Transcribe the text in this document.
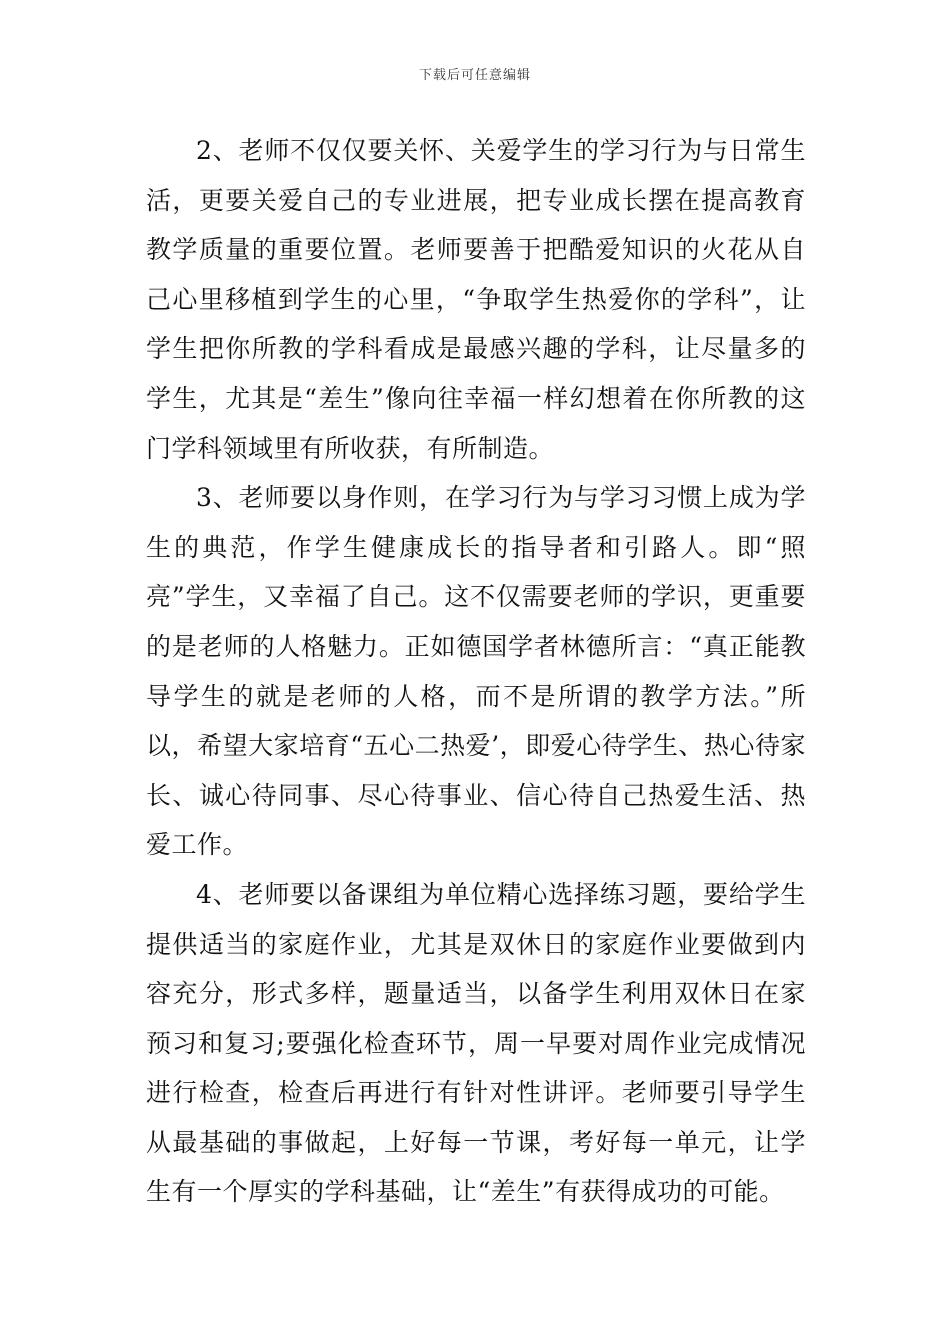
下载后可任意编辑

2、老师不仅仅要关怀、关爱学生的学习行为与日常生活，更要关爱自己的专业进展，把专业成长摆在提高教育教学质量的重要位置。老师要善于把酷爱知识的火花从自己心里移植到学生的心里，“争取学生热爱你的学科”，让学生把你所教的学科看成是最感兴趣的学科，让尽量多的学生，尤其是“差生”像向往幸福一样幻想着在你所教的这门学科领域里有所收获，有所制造。

3、老师要以身作则，在学习行为与学习习惯上成为学生的典范，作学生健康成长的指导者和引路人。即“照亮”学生，又幸福了自己。这不仅需要老师的学识，更重要的是老师的人格魅力。正如德国学者林德所言：“真正能教导学生的就是老师的人格，而不是所谓的教学方法。”所以，希望大家培育“五心二热爱’，即爱心待学生、热心待家长、诚心待同事、尽心待事业、信心待自己热爱生活、热爱工作。

4、老师要以备课组为单位精心选择练习题，要给学生提供适当的家庭作业，尤其是双休日的家庭作业要做到内容充分，形式多样，题量适当，以备学生利用双休日在家预习和复习;要强化检查环节，周一早要对周作业完成情况进行检查，检查后再进行有针对性讲评。老师要引导学生从最基础的事做起，上好每一节课，考好每一单元，让学生有一个厚实的学科基础，让“差生”有获得成功的可能。
